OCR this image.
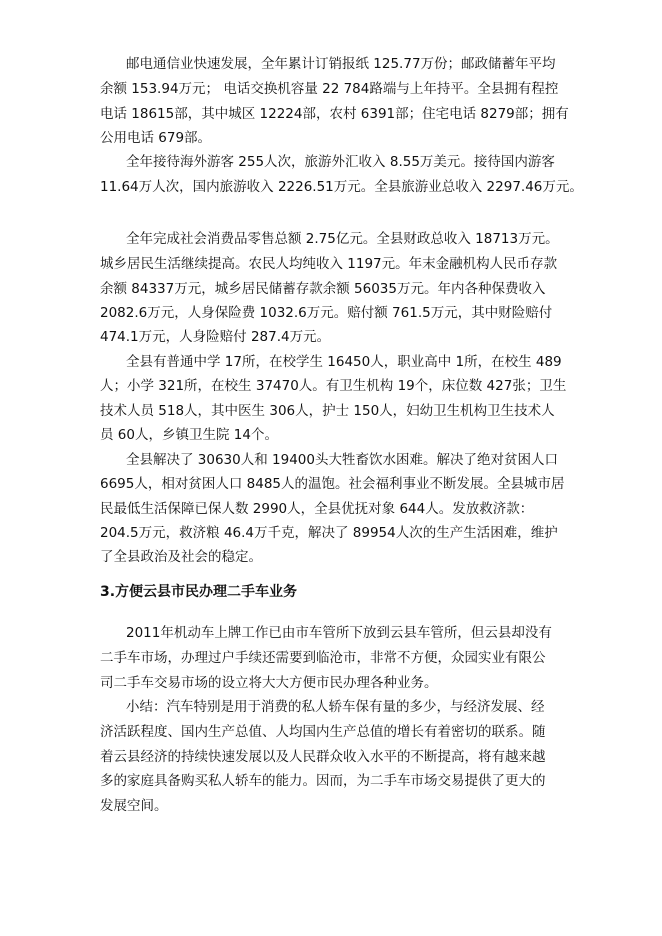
邮电通信业快速发展，全年累计订销报纸 125.77万份；邮政储蓄年平均
余额 153.94万元； 电话交换机容量 22 784路端与上年持平。全县拥有程控
电话 18615部，其中城区 12224部，农村 6391部；住宅电话 8279部；拥有
公用电话 679部。
全年接待海外游客 255人次，旅游外汇收入 8.55万美元。接待国内游客
11.64万人次，国内旅游收入 2226.51万元。全县旅游业总收入 2297.46万元。
全年完成社会消费品零售总额 2.75亿元。全县财政总收入 18713万元。
城乡居民生活继续提高。农民人均纯收入 1197元。年末金融机构人民币存款
余额 84337万元，城乡居民储蓄存款余额 56035万元。年内各种保费收入
2082.6万元，人身保险费 1032.6万元。赔付额 761.5万元，其中财险赔付
474.1万元，人身险赔付 287.4万元。
全县有普通中学 17所，在校学生 16450人，职业高中 1所，在校生 489
人；小学 321所，在校生 37470人。有卫生机构 19个，床位数 427张；卫生
技术人员 518人，其中医生 306人，护士 150人，妇幼卫生机构卫生技术人
员 60人，乡镇卫生院 14个。
全县解决了 30630人和 19400头大牲畜饮水困难。解决了绝对贫困人口
6695人，相对贫困人口 8485人的温饱。社会福利事业不断发展。全县城市居
民最低生活保障已保人数 2990人，全县优抚对象 644人。发放救济款：
204.5万元，救济粮 46.4万千克，解决了 89954人次的生产生活困难，维护
了全县政治及社会的稳定。
3.方便云县市民办理二手车业务
2011年机动车上牌工作已由市车管所下放到云县车管所，但云县却没有
二手车市场，办理过户手续还需要到临沧市，非常不方便，众园实业有限公
司二手车交易市场的设立将大大方便市民办理各种业务。
小结：汽车特别是用于消费的私人轿车保有量的多少，与经济发展、经
济活跃程度、国内生产总值、人均国内生产总值的增长有着密切的联系。随
着云县经济的持续快速发展以及人民群众收入水平的不断提高，将有越来越
多的家庭具备购买私人轿车的能力。因而，为二手车市场交易提供了更大的
发展空间。
